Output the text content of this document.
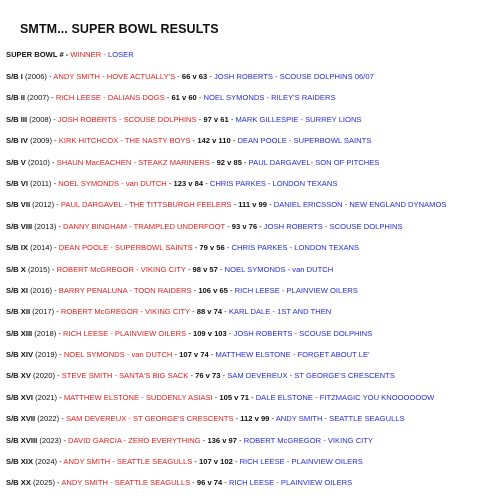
SMTM... SUPER BOWL RESULTS
SUPER BOWL # - WINNER - LOSER
S/B I (2006) - ANDY SMITH - HOVE ACTUALLY'S - 66 v 63 - JOSH ROBERTS - SCOUSE DOLPHINS 06/07
S/B II (2007) - RICH LEESE - DALIANS DOGS - 61 v 60 - NOEL SYMONDS - RILEY'S RAIDERS
S/B III (2008) - JOSH ROBERTS - SCOUSE DOLPHINS - 97 v 61 - MARK GILLESPIE - SURREY LIONS
S/B IV (2009) - KIRK HITCHCOX - THE NASTY BOYS - 142 v 110 - DEAN POOLE - SUPERBOWL SAINTS
S/B V (2010) - SHAUN MacEACHEN - STEAKZ MARINERS - 92 v 85 - PAUL DARGAVEL- SON OF PITCHES
S/B VI (2011) - NOEL SYMONDS - van DUTCH - 123 v 84 - CHRIS PARKES - LONDON TEXANS
S/B VII (2012) - PAUL DARGAVEL - THE TITTSBURGH FEELERS - 111 v 99 - DANIEL ERICSSON - NEW ENGLAND DYNAMOS
S/B VIII (2013) - DANNY BINGHAM - TRAMPLED UNDERFOOT - 93 v 76 - JOSH ROBERTS - SCOUSE DOLPHINS
S/B IX (2014) - DEAN POOLE - SUPERBOWL SAINTS - 79 v 56 - CHRIS PARKES - LONDON TEXANS
S/B X (2015) - ROBERT McGREGOR - VIKING CITY - 98 v 57 - NOEL SYMONDS - van DUTCH
S/B XI (2016) - BARRY PENALUNA - TOON RAIDERS - 106 v 65 - RICH LEESE - PLAINVIEW OILERS
S/B XII (2017) - ROBERT McGREGOR - VIKING CITY - 88 v 74 - KARL DALE - 1ST AND THEN
S/B XIII (2018) - RICH LEESE - PLAINVIEW OILERS - 109 v 103 - JOSH ROBERTS - SCOUSE DOLPHINS
S/B XIV (2019) - NOEL SYMONDS - van DUTCH - 107 v 74 - MATTHEW ELSTONE - FORGET ABOUT LE'
S/B XV (2020) - STEVE SMITH - SANTA'S BIG SACK - 76 v 73 - SAM DEVEREUX - ST GEORGE'S CRESCENTS
S/B XVI (2021) - MATTHEW ELSTONE - SUDDENLY ASIASI - 105 v 71 - DALE ELSTONE - FITZMAGIC YOU KNOOOOOOW
S/B XVII (2022) - SAM DEVEREUX - ST GEORGE'S CRESCENTS - 112 v 99 - ANDY SMITH - SEATTLE SEAGULLS
S/B XVIII (2023) - DAVID GARCIA - ZERO EVERYTHING - 136 v 97 - ROBERT McGREGOR - VIKING CITY
S/B XIX (2024) - ANDY SMITH - SEATTLE SEAGULLS - 107 v 102 - RICH LEESE - PLAINVIEW OILERS
S/B XX (2025) - ANDY SMITH - SEATTLE SEAGULLS - 96 v 74 - RICH LEESE - PLAINVIEW OILERS
